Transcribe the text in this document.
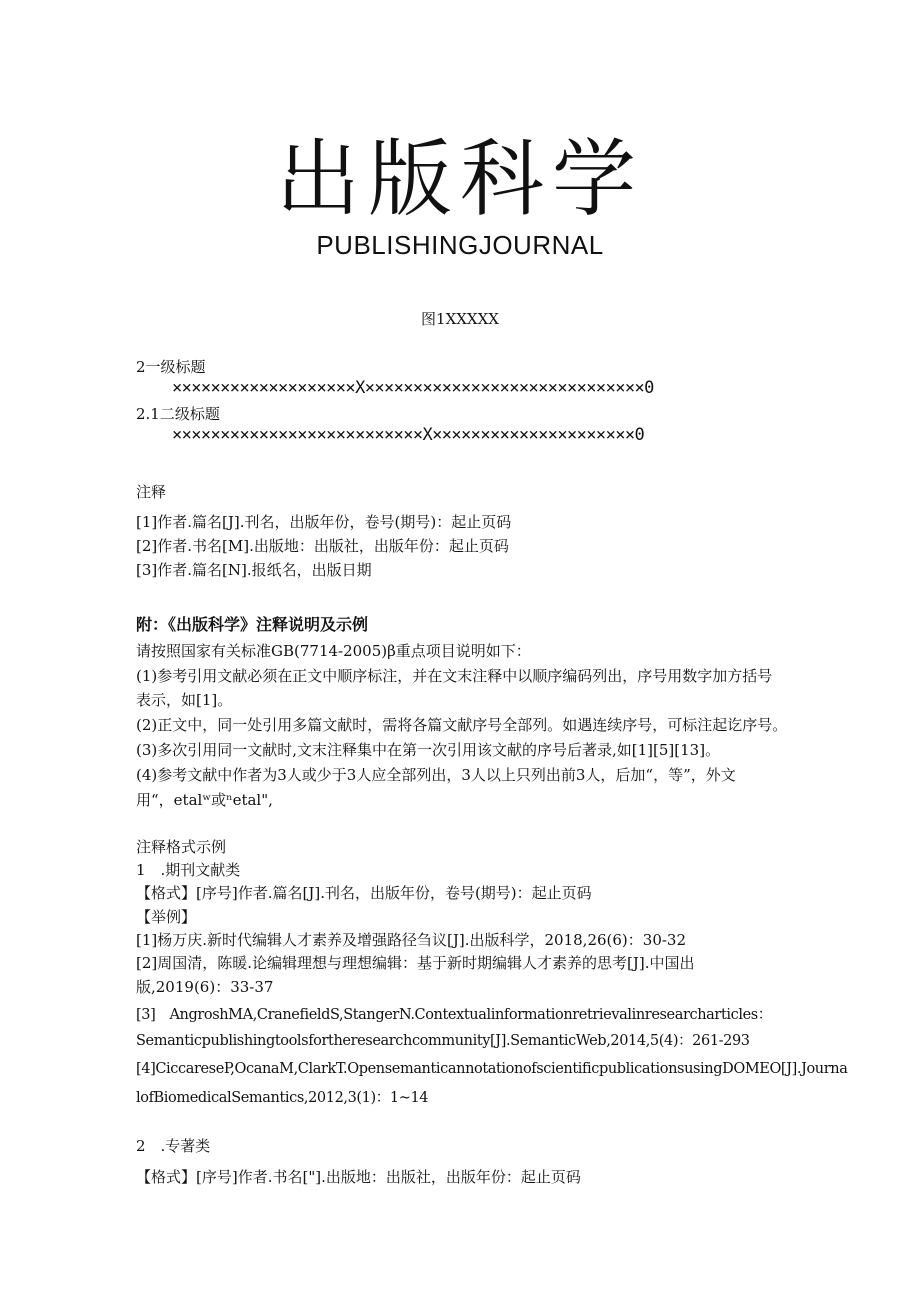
出版科学
PUBLISHINGJOURNAL
图1XXXXX
2一级标题
×××××××××××××××××××X×××××××××××××××××××××××××××××0
2.1二级标题
××××××××××××××××××××××××××X×××××××××××××××××××××0
注释
[1]作者.篇名[J].刊名，出版年份，卷号(期号)：起止页码
[2]作者.书名[M].出版地：出版社，出版年份：起止页码
[3]作者.篇名[N].报纸名，出版日期
附：《出版科学》注释说明及示例
请按照国家有关标准GB(7714-2005)β重点项目说明如下：
(1)参考引用文献必须在正文中顺序标注，并在文末注释中以顺序编码列出，序号用数字加方括号
表示，如[1]。
(2)正文中，同一处引用多篇文献时，需将各篇文献序号全部列。如遇连续序号，可标注起讫序号。
(3)多次引用同一文献时,文末注释集中在第一次引用该文献的序号后著录,如[1][5][13]。
(4)参考文献中作者为3人或少于3人应全部列出，3人以上只列出前3人，后加“，等”，外文
用“，etalʷ或ⁿetal",
注释格式示例
1　.期刊文献类
【格式】[序号]作者.篇名[J].刊名，出版年份，卷号(期号)：起止页码
【举例】
[1]杨万庆.新时代编辑人才素养及增强路径刍议[J].出版科学，2018,26(6)：30-32
[2]周国清，陈暖.论编辑理想与理想编辑：基于新时期编辑人才素养的思考[J].中国出
版,2019(6)：33-37
[3]　AngroshMA,CranefieldS,StangerN.Contextualinformationretrievalinresearcharticles：
Semanticpublishingtoolsfortheresearchcommunity[J].SemanticWeb,2014,5(4)：261-293
[4]CiccareseP,OcanaM,ClarkT.OpensemanticannotationofscientificpublicationsusingDOMEO[J].Journa
lofBiomedicalSemantics,2012,3(1)：1~14
2　.专著类
【格式】[序号]作者.书名["].出版地：出版社，出版年份：起止页码
